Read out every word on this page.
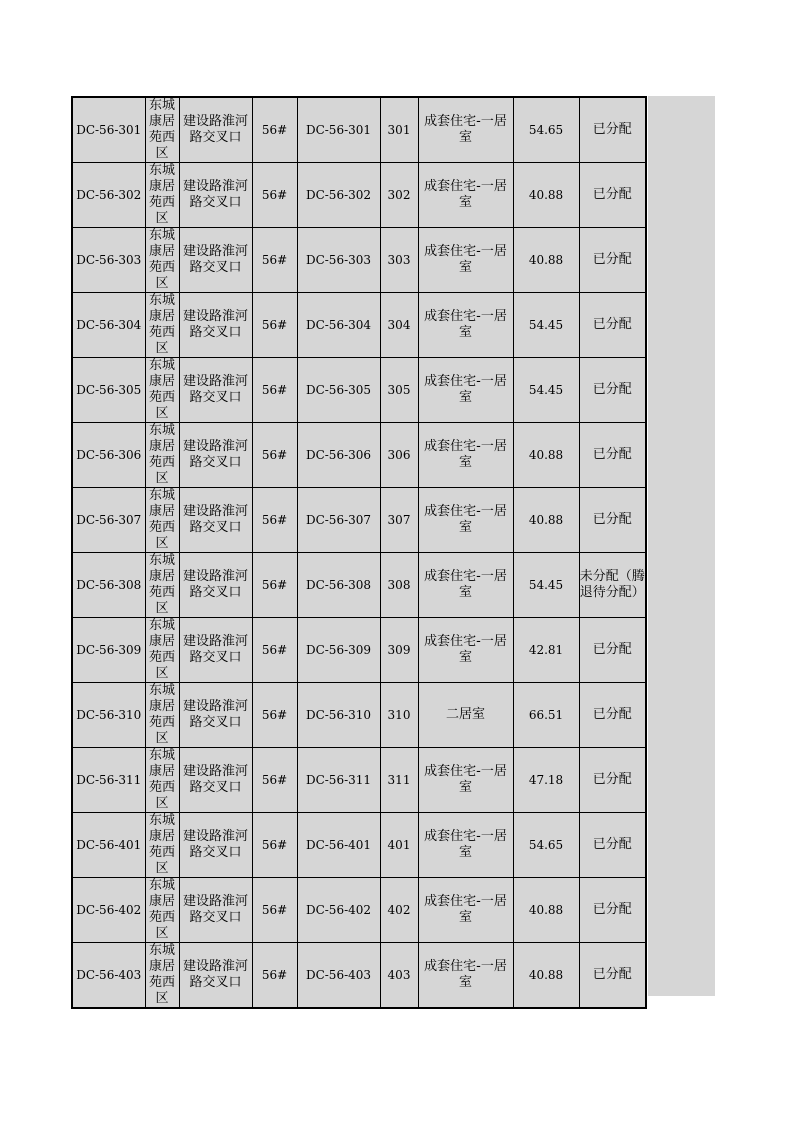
DC-56-301	东城康居苑西区	建设路淮河路交叉口	56#	DC-56-301	301	成套住宅-一居室	54.65	已分配
DC-56-302	东城康居苑西区	建设路淮河路交叉口	56#	DC-56-302	302	成套住宅-一居室	40.88	已分配
DC-56-303	东城康居苑西区	建设路淮河路交叉口	56#	DC-56-303	303	成套住宅-一居室	40.88	已分配
DC-56-304	东城康居苑西区	建设路淮河路交叉口	56#	DC-56-304	304	成套住宅-一居室	54.45	已分配
DC-56-305	东城康居苑西区	建设路淮河路交叉口	56#	DC-56-305	305	成套住宅-一居室	54.45	已分配
DC-56-306	东城康居苑西区	建设路淮河路交叉口	56#	DC-56-306	306	成套住宅-一居室	40.88	已分配
DC-56-307	东城康居苑西区	建设路淮河路交叉口	56#	DC-56-307	307	成套住宅-一居室	40.88	已分配
DC-56-308	东城康居苑西区	建设路淮河路交叉口	56#	DC-56-308	308	成套住宅-一居室	54.45	未分配（腾退待分配）
DC-56-309	东城康居苑西区	建设路淮河路交叉口	56#	DC-56-309	309	成套住宅-一居室	42.81	已分配
DC-56-310	东城康居苑西区	建设路淮河路交叉口	56#	DC-56-310	310	二居室	66.51	已分配
DC-56-311	东城康居苑西区	建设路淮河路交叉口	56#	DC-56-311	311	成套住宅-一居室	47.18	已分配
DC-56-401	东城康居苑西区	建设路淮河路交叉口	56#	DC-56-401	401	成套住宅-一居室	54.65	已分配
DC-56-402	东城康居苑西区	建设路淮河路交叉口	56#	DC-56-402	402	成套住宅-一居室	40.88	已分配
DC-56-403	东城康居苑西区	建设路淮河路交叉口	56#	DC-56-403	403	成套住宅-一居室	40.88	已分配
